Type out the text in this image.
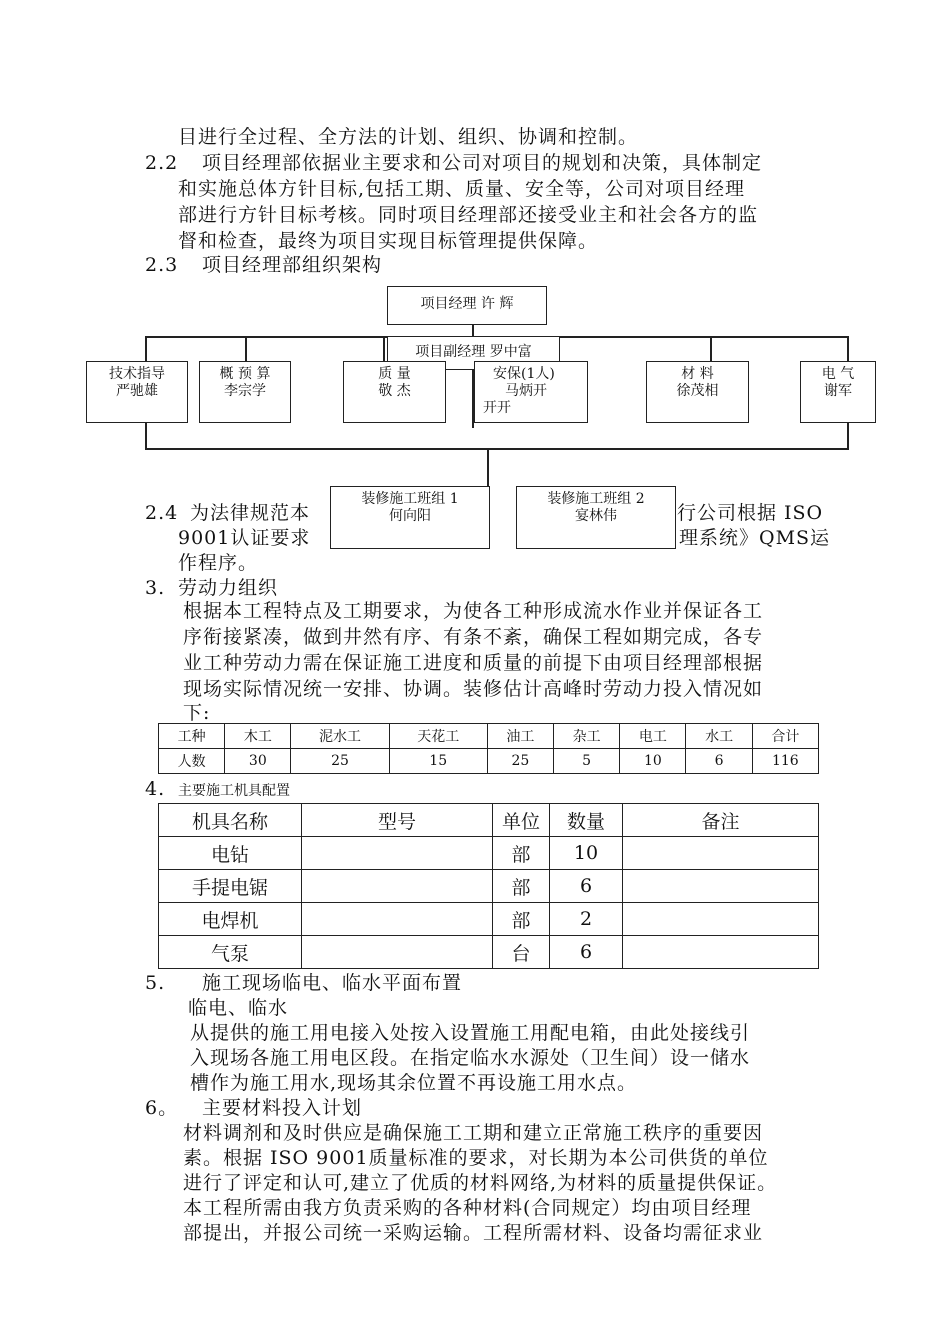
目进行全过程、全方法的计划、组织、协调和控制。
2.2 项目经理部依据业主要求和公司对项目的规划和决策，具体制定
和实施总体方针目标,包括工期、质量、安全等，公司对项目经理
部进行方针目标考核。同时项目经理部还接受业主和社会各方的监
督和检查，最终为项目实现目标管理提供保障。
2.3 项目经理部组织架构
项目经理 许 辉
项目副经理 罗中富
技术指导
严驰雄
概 预 算
李宗学
质 量
敬 杰
安保(1人)
马炳开
开开
材 料
徐茂相
电 气
谢军
2.4 为法律规范本	行公司根据 ISO
9001认证要求	理系统》QMS运
作程序。
装修施工班组 1
何向阳
装修施工班组 2
宴林伟
3. 劳动力组织
根据本工程特点及工期要求，为使各工种形成流水作业并保证各工
序衔接紧凑，做到井然有序、有条不紊，确保工程如期完成，各专
业工种劳动力需在保证施工进度和质量的前提下由项目经理部根据
现场实际情况统一安排、协调。装修估计高峰时劳动力投入情况如
下:
工种	木工	泥水工	天花工	油工	杂工	电工	水工	合计
人数	30	25	15	25	5	10	6	116
4. 主要施工机具配置
机具名称	型号	单位	数量	备注
电钻		部	10	
手提电锯		部	6	
电焊机		部	2	
气泵		台	6	
5. 施工现场临电、临水平面布置
临电、临水
从提供的施工用电接入处按入设置施工用配电箱，由此处接线引
入现场各施工用电区段。在指定临水水源处（卫生间）设一储水
槽作为施工用水,现场其余位置不再设施工用水点。
6。 主要材料投入计划
材料调剂和及时供应是确保施工工期和建立正常施工秩序的重要因
素。根据 ISO 9001质量标准的要求，对长期为本公司供货的单位
进行了评定和认可,建立了优质的材料网络,为材料的质量提供保证。
本工程所需由我方负责采购的各种材料(合同规定）均由项目经理
部提出，并报公司统一采购运输。工程所需材料、设备均需征求业
